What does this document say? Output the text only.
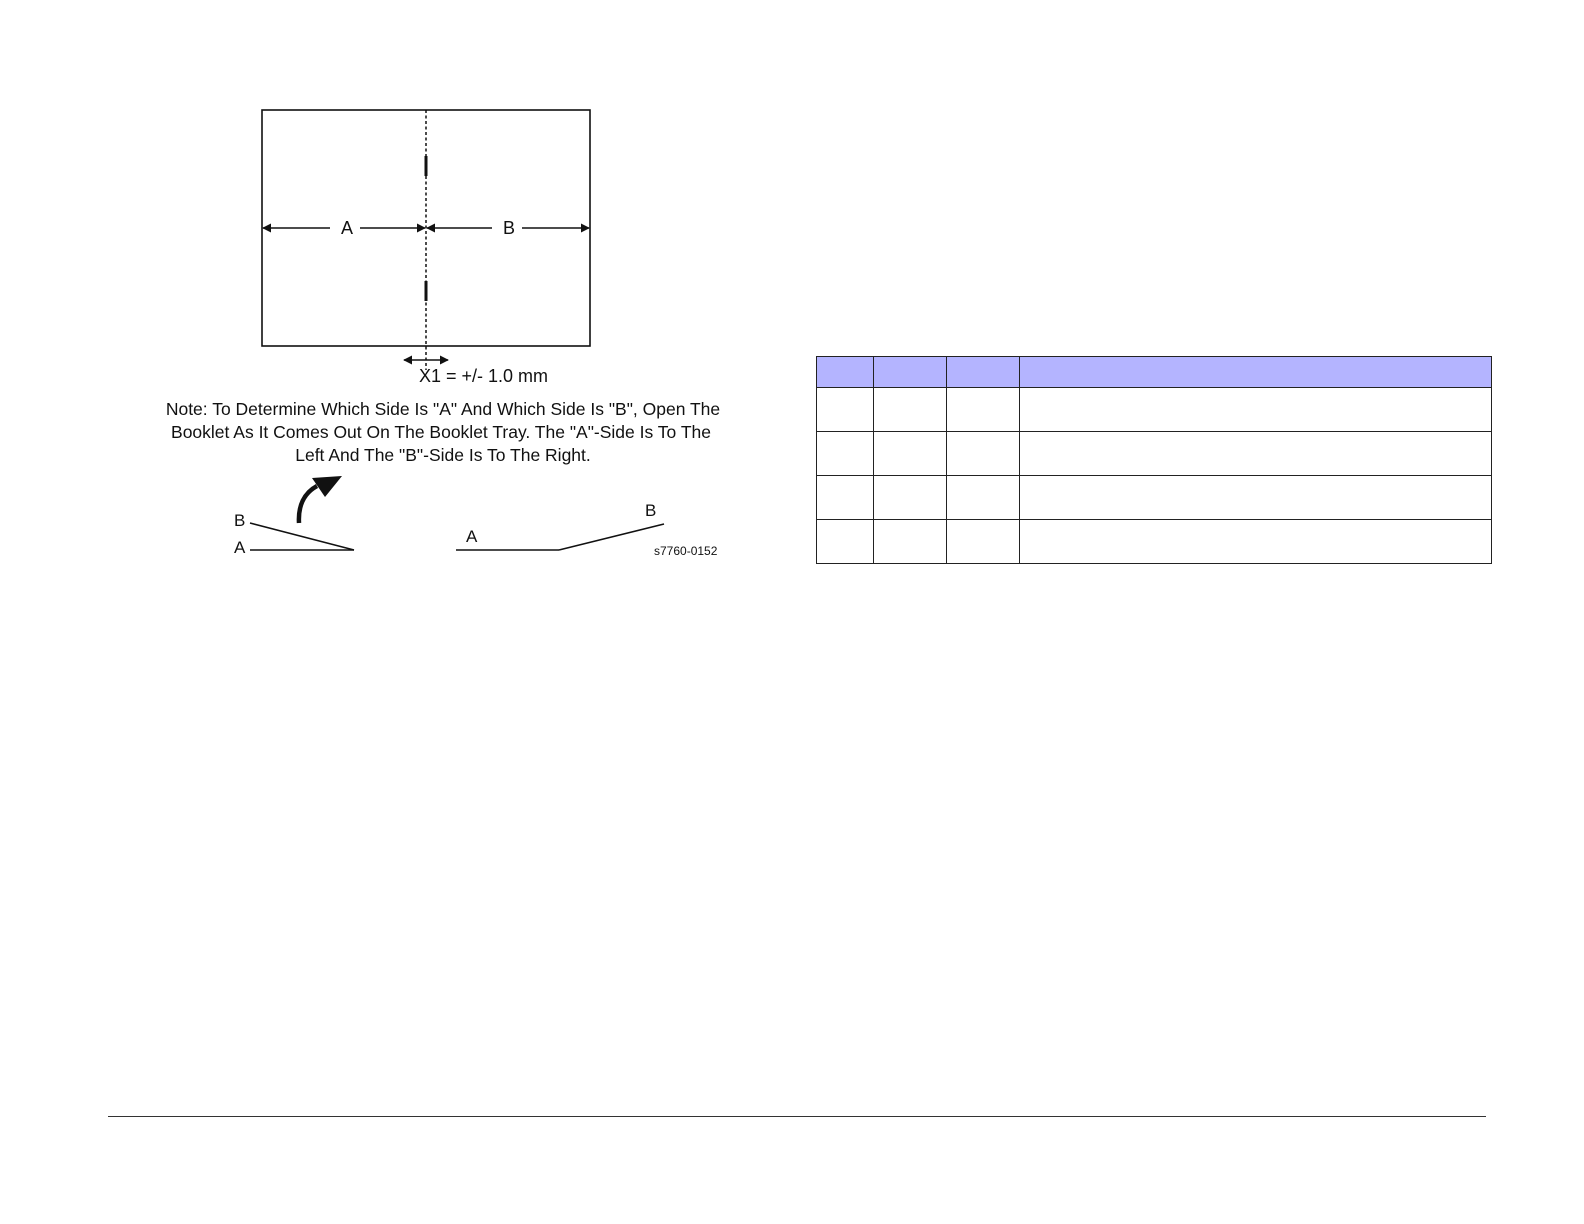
A	B
X1 = +/- 1.0 mm
Note: To Determine Which Side Is "A" And Which Side Is "B", Open The
Booklet As It Comes Out On The Booklet Tray. The "A"-Side Is To The
Left And The "B"-Side Is To The Right.
B
A
A
B
s7760-0152
